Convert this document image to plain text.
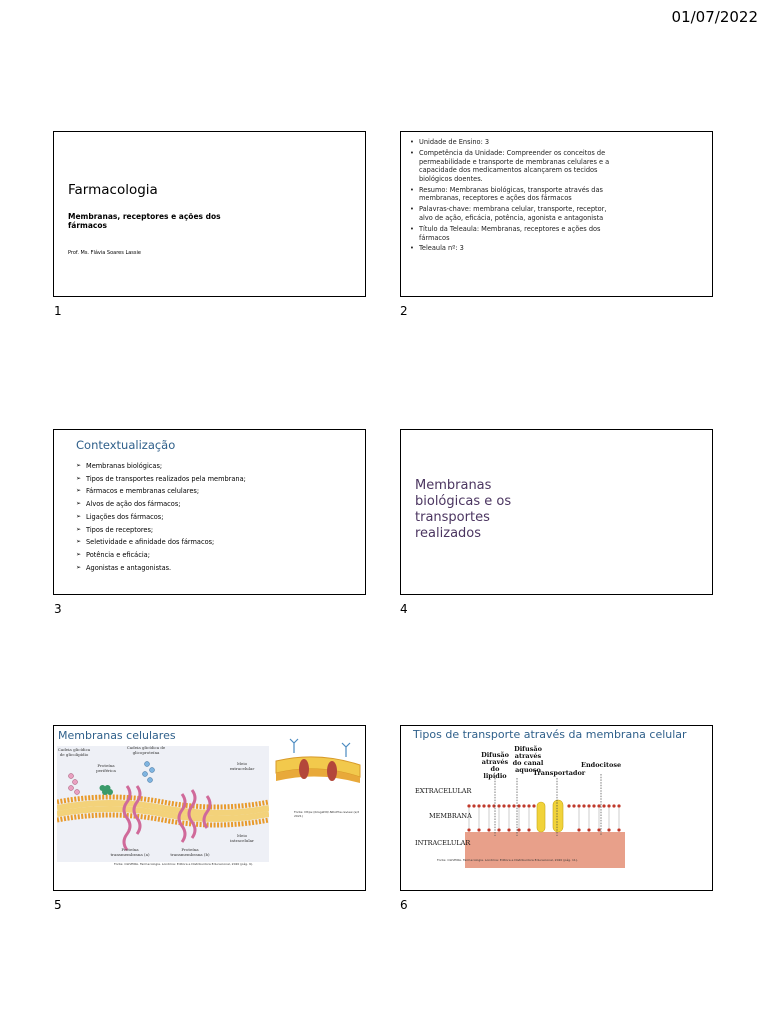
01/07/2022
Farmacologia
Membranas, receptores e ações dos fármacos
Prof. Ms. Flávia Soares Lassie
1
• Unidade de Ensino: 3
• Competência da Unidade: Compreender os conceitos de permeabilidade e transporte de membranas celulares e a capacidade dos medicamentos alcançarem os tecidos biológicos doentes.
• Resumo: Membranas biológicas, transporte através das membranas, receptores e ações dos fármacos
• Palavras-chave: membrana celular, transporte, receptor, alvo de ação, eficácia, potência, agonista e antagonista
• Título da Teleaula: Membranas, receptores e ações dos fármacos
• Teleaula nº: 3
2
Contextualização
➢ Membranas biológicas;
➢ Tipos de transportes realizados pela membrana;
➢ Fármacos e membranas celulares;
➢ Alvos de ação dos fármacos;
➢ Ligações dos fármacos;
➢ Tipos de receptores;
➢ Seletividade e afinidade dos fármacos;
➢ Potência e eficácia;
➢ Agonistas e antagonistas.
3
Membranas biológicas e os transportes realizados
4
Membranas celulares
Cadeia glicídica de glicolipídio
Cadeia glicídica de glicoproteína
Proteína periférica
Meio extracelular
Meio intracelular
Proteína transmembrana (a)
Proteína transmembrana (b)
Fonte: https://blogattit/.NDoPhe.review (s/d 2021)
Fonte: OLIVEIRA. Farmacologia. Londrina: Editora e Distribuidora Educacional, 2020 (pág. 9).
5
Tipos de transporte através da membrana celular
Difusão através do lipídio
Difusão através do canal aquoso
Transportador
Endocitose
EXTRACELULAR
MEMBRANA
INTRACELULAR
Fonte: OLIVEIRA. Farmacologia. Londrina: Editora e Distribuidora Educacional, 2020 (pág. 11).
6
